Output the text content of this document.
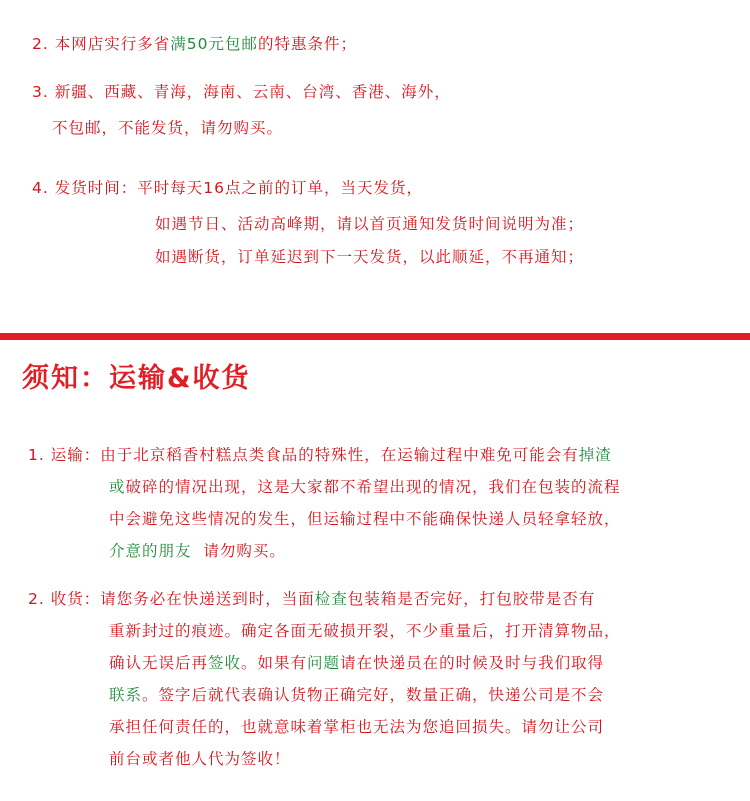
2. 本网店实行多省满50元包邮的特惠条件；
3. 新疆、西藏、青海，海南、云南、台湾、香港、海外，
不包邮，不能发货，请勿购买。
4. 发货时间：平时每天16点之前的订单，当天发货，
如遇节日、活动高峰期，请以首页通知发货时间说明为准；
如遇断货，订单延迟到下一天发货，以此顺延，不再通知；
须知：运输&收货
1. 运输：由于北京稻香村糕点类食品的特殊性，在运输过程中难免可能会有掉渣
或破碎的情况出现，这是大家都不希望出现的情况，我们在包装的流程
中会避免这些情况的发生，但运输过程中不能确保快递人员轻拿轻放，
介意的朋友 请勿购买。
2. 收货：请您务必在快递送到时，当面检查包装箱是否完好，打包胶带是否有
重新封过的痕迹。确定各面无破损开裂，不少重量后，打开清算物品，
确认无误后再签收。如果有问题请在快递员在的时候及时与我们取得
联系。签字后就代表确认货物正确完好，数量正确，快递公司是不会
承担任何责任的，也就意味着掌柜也无法为您追回损失。请勿让公司
前台或者他人代为签收！
